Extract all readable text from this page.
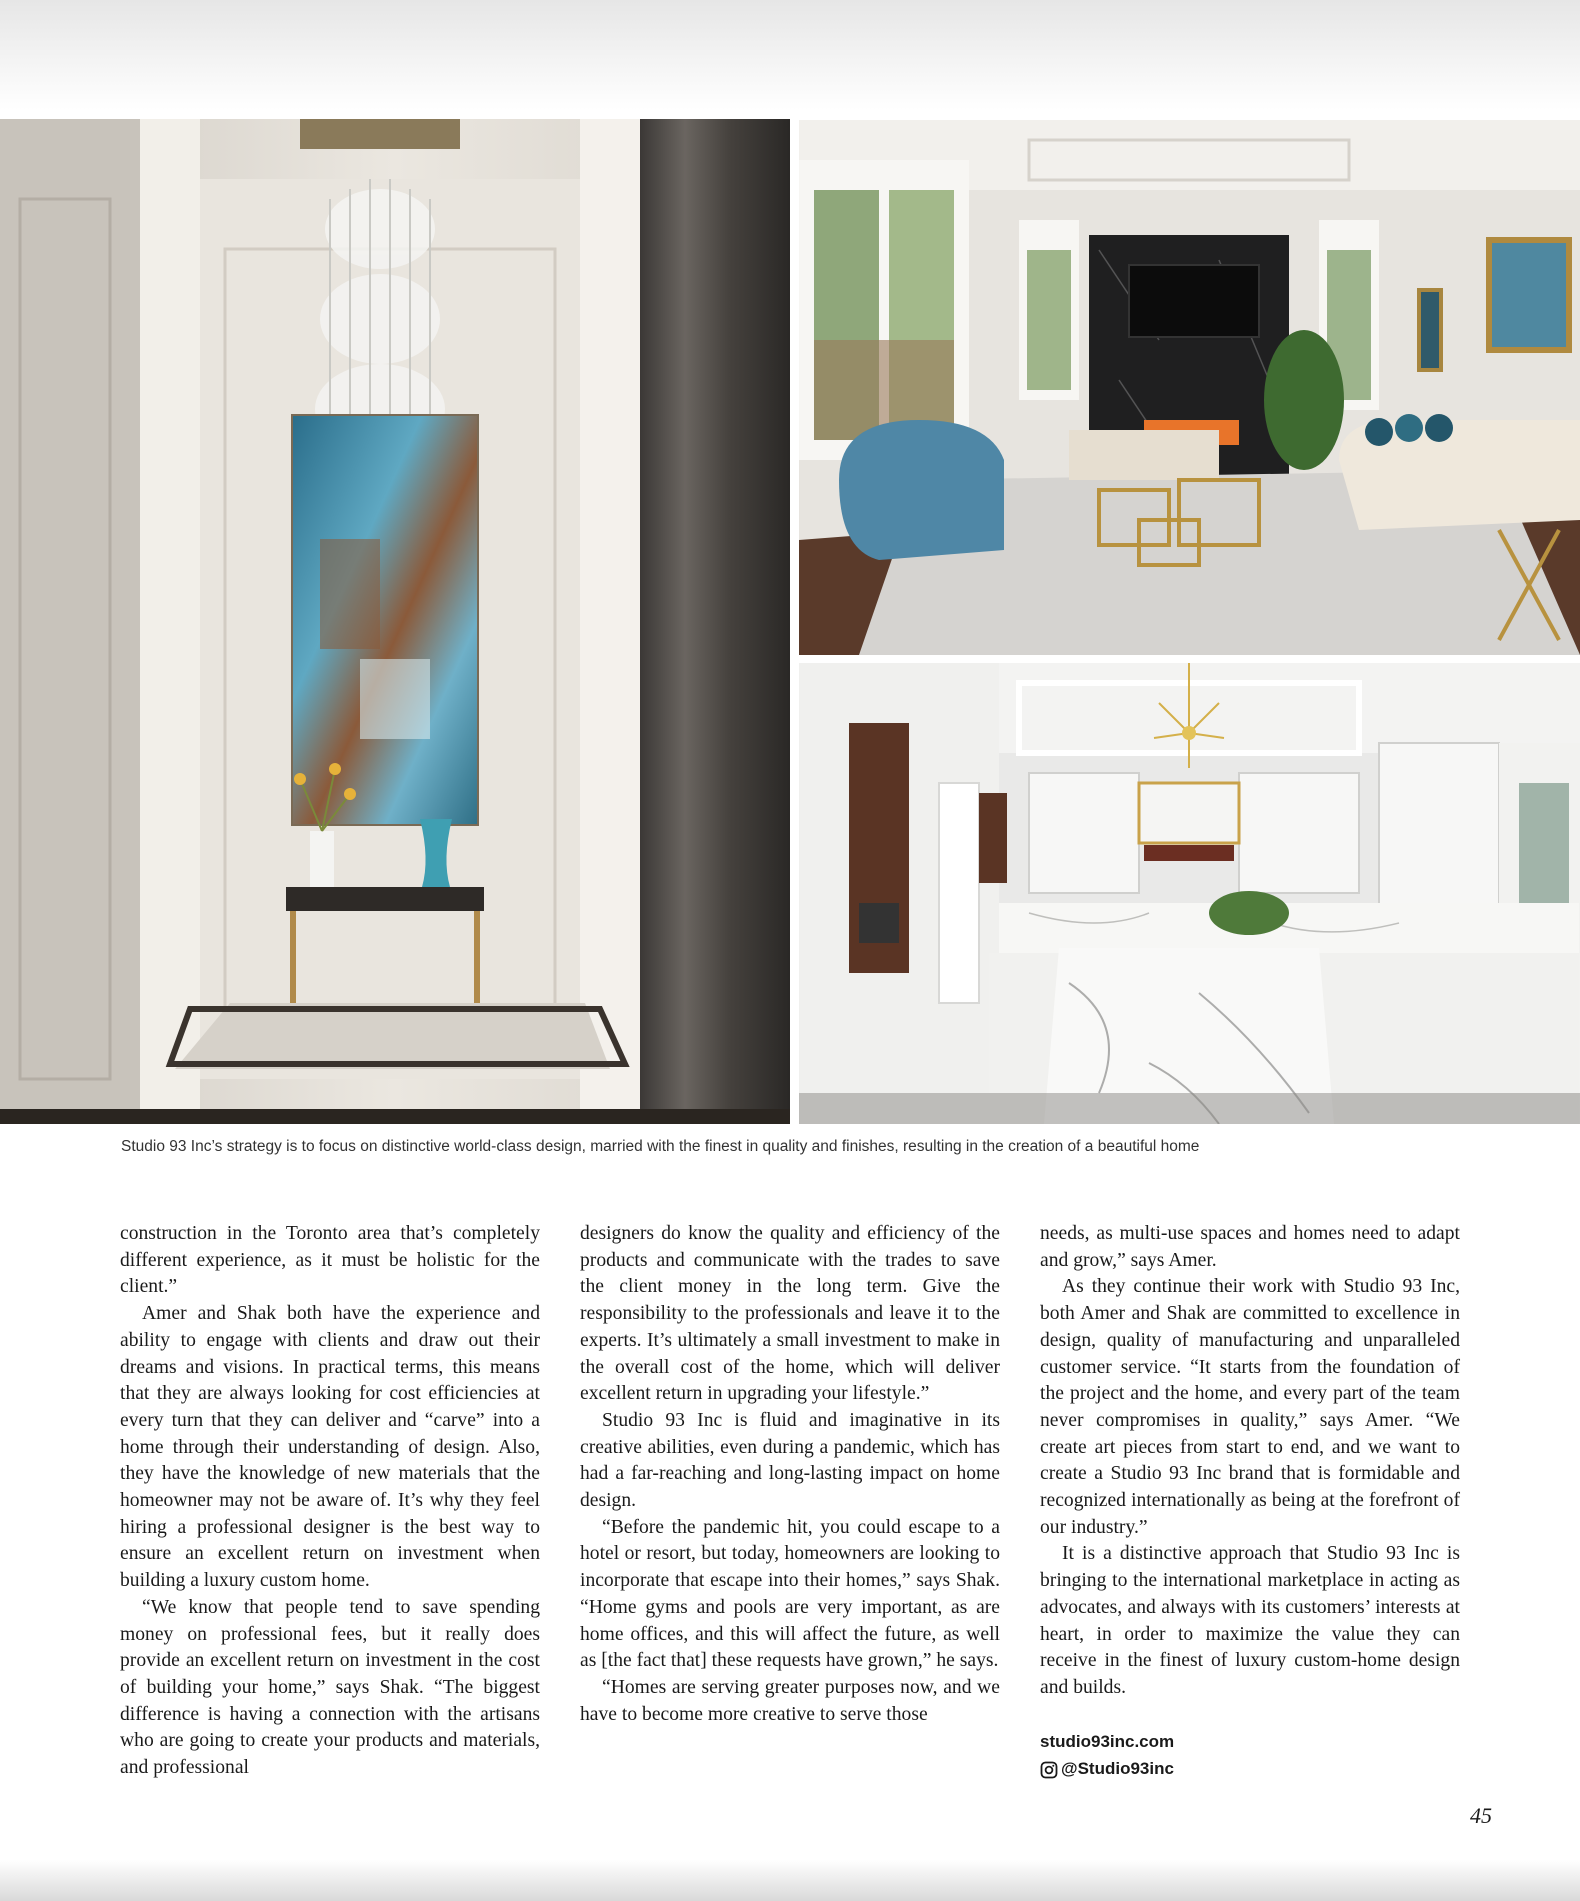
Studio 93 Inc’s strategy is to focus on distinctive world-class design, married with the finest in quality and finishes, resulting in the creation of a beautiful home

construction in the Toronto area that’s completely different experience, as it must be holistic for the client.”

Amer and Shak both have the experience and ability to engage with clients and draw out their dreams and visions. In practical terms, this means that they are always looking for cost efficiencies at every turn that they can deliver and “carve” into a home through their understanding of design. Also, they have the knowledge of new materials that the homeowner may not be aware of. It’s why they feel hiring a professional designer is the best way to ensure an excellent return on investment when building a luxury custom home.

“We know that people tend to save spending money on professional fees, but it really does provide an excellent return on investment in the cost of building your home,” says Shak. “The biggest difference is having a connection with the artisans who are going to create your products and materials, and professional

designers do know the quality and efficiency of the products and communicate with the trades to save the client money in the long term. Give the responsibility to the professionals and leave it to the experts. It’s ultimately a small investment to make in the overall cost of the home, which will deliver excellent return in upgrading your lifestyle.”

Studio 93 Inc is fluid and imaginative in its creative abilities, even during a pandemic, which has had a far-reaching and long-lasting impact on home design.

“Before the pandemic hit, you could escape to a hotel or resort, but today, homeowners are looking to incorporate that escape into their homes,” says Shak. “Home gyms and pools are very important, as are home offices, and this will affect the future, as well as [the fact that] these requests have grown,” he says.

“Homes are serving greater purposes now, and we have to become more creative to serve those

needs, as multi-use spaces and homes need to adapt and grow,” says Amer.

As they continue their work with Studio 93 Inc, both Amer and Shak are committed to excellence in design, quality of manufacturing and unparalleled customer service. “It starts from the foundation of the project and the home, and every part of the team never compromises in quality,” says Amer. “We create art pieces from start to end, and we want to create a Studio 93 Inc brand that is formidable and recognized internationally as being at the forefront of our industry.”

It is a distinctive approach that Studio 93 Inc is bringing to the international marketplace in acting as advocates, and always with its customers’ interests at heart, in order to maximize the value they can receive in the finest of luxury custom-home design and builds.

studio93inc.com
@Studio93inc
45
